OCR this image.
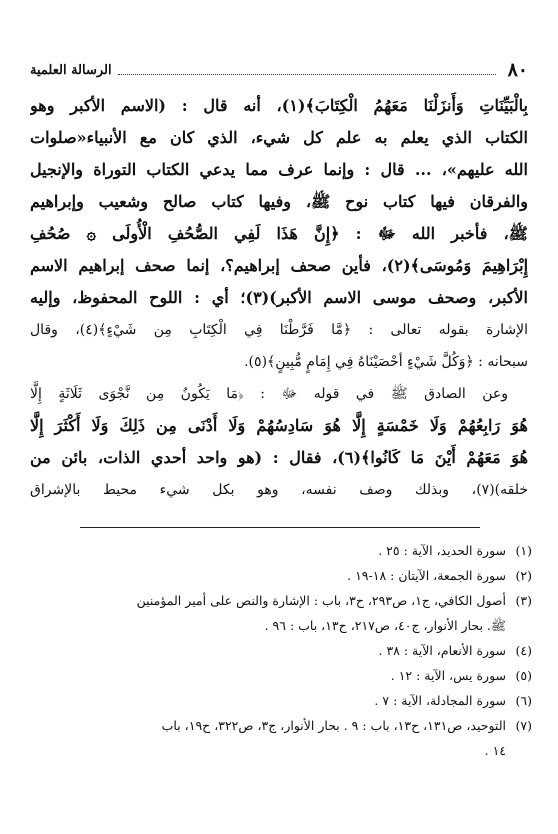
٨٠
الرسالة العلمية
بِالْبَيِّنَاتِ وَأَنزَلْنَا مَعَهُمُ الْكِتَابَ﴾(١)، أنه قال : (الاسم الأكبر وهو
الكتاب الذي يعلم به علم كل شيء، الذي كان مع الأنبياء«صلوات
الله عليهم»، ... قال : وإنما عرف مما يدعي الكتاب التوراة والإنجيل
والفرقان فيها كتاب نوح ﷺ، وفيها كتاب صالح وشعيب وإبراهيم
ﷺ، فأخبر الله ﷻ : ﴿إِنَّ هَذَا لَفِي الصُّحُفِ الْأُولَى ۞ صُحُفِ
إِبْرَاهِيمَ وَمُوسَى﴾(٢)، فأين صحف إبراهيم؟، إنما صحف إبراهيم الاسم
الأكبر، وصحف موسى الاسم الأكبر)(٣)؛ أي : اللوح المحفوظ، وإليه
الإشارة بقوله تعالى : ﴿مَّا فَرَّطْنَا فِي الْكِتَابِ مِن شَيْءٍ﴾(٤)، وقال
سبحانه : ﴿وَكُلَّ شَيْءٍ أحْصَيْنَاهُ فِي إِمَامٍ مُّبِينٍ﴾(٥).
وعن الصادق ﷺ في قوله ﷻ : ﴿مَا يَكُونُ مِن نَّجْوَى ثَلَاثَةٍ إِلَّا
هُوَ رَابِعُهُمْ وَلَا خَمْسَةٍ إِلَّا هُوَ سَادِسُهُمْ وَلَا أَدْنَى مِن ذَلِكَ وَلَا أَكْثَرَ إِلَّا
هُوَ مَعَهُمْ أَيْنَ مَا كَانُوا﴾(٦)، فقال : (هو واحد أحدي الذات، بائن من
خلقه)(٧)، وبذلك وصف نفسه، وهو بكل شيء محيط بالإشراق
(١)سورة الحديد، الآية : ٢٥ .
(٢)سورة الجمعة، الآيتان : ١٨-١٩ .
(٣)أصول الكافي، ج١، ص٢٩٣، ح٣، باب : الإشارة والنص على أمير المؤمنين
ﷺ. بحار الأنوار، ج٤٠، ص٢١٧، ح١٣، باب : ٩٦ .
(٤)سورة الأنعام، الآية : ٣٨ .
(٥)سورة يس، الآية : ١٢ .
(٦)سورة المجادلة، الآية : ٧ .
(٧)التوحيد، ص١٣١، ح١٣، باب : ٩ . بحار الأنوار، ج٣، ص٣٢٢، ح١٩، باب
١٤ .
